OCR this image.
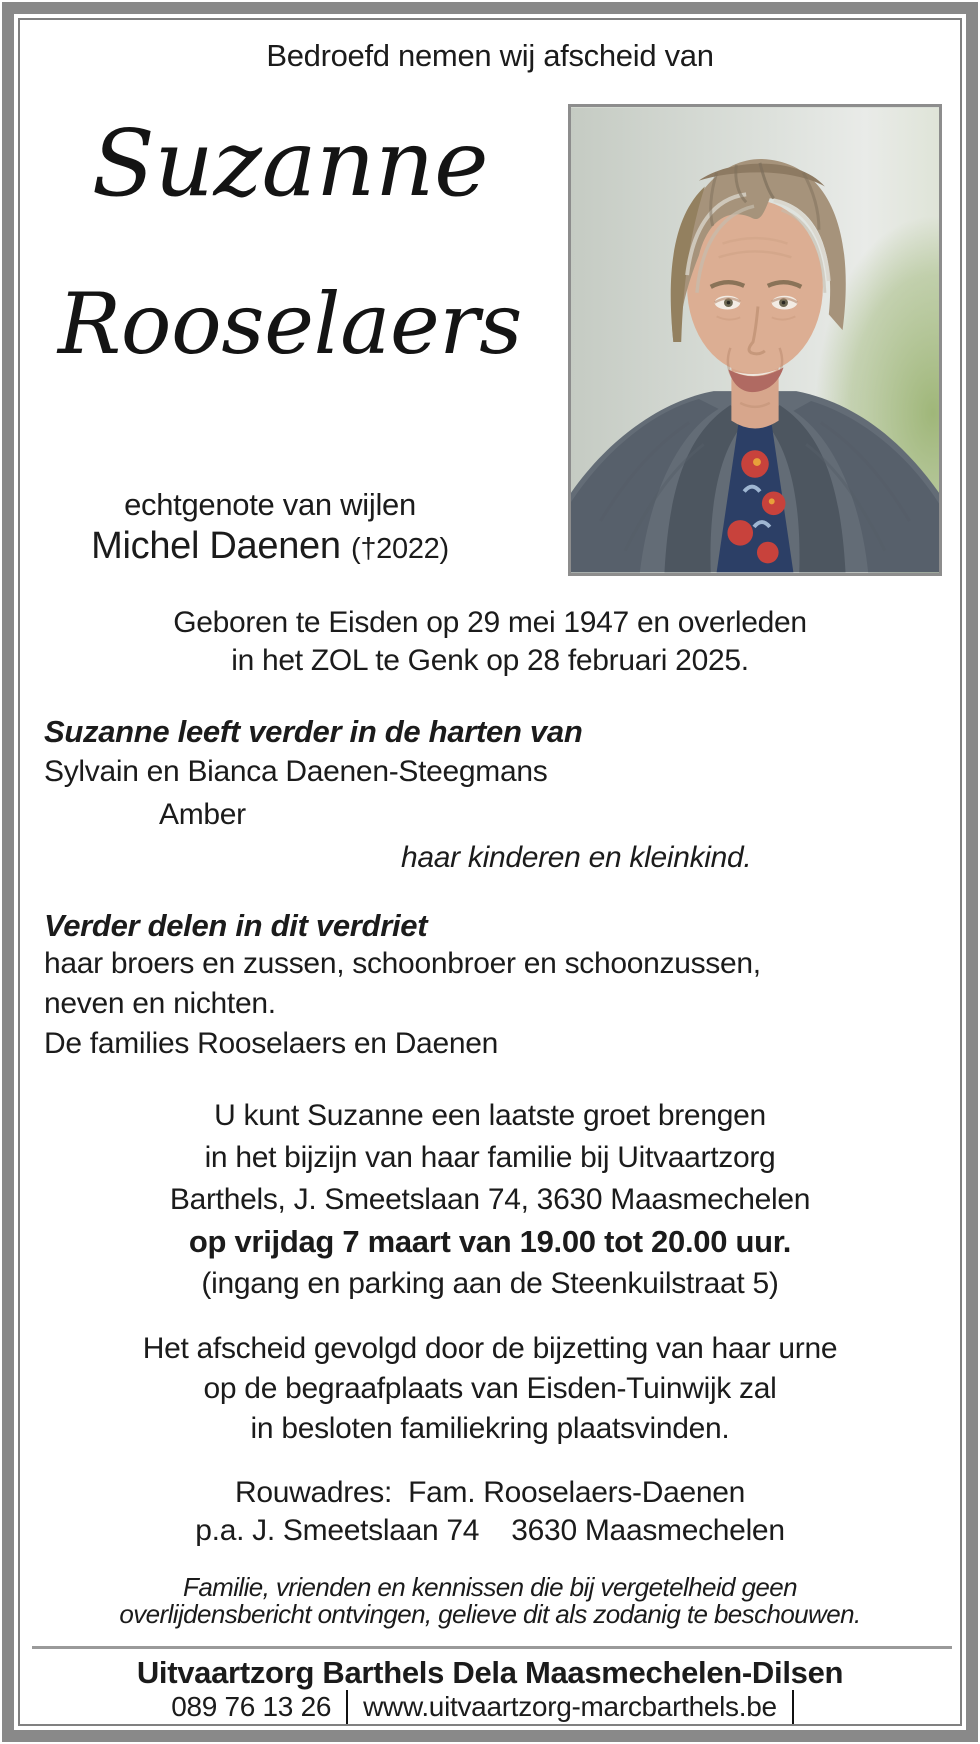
Bedroefd nemen wij afscheid van
Suzanne
Rooselaers

echtgenote van wijlen

Michel Daenen (†2022)

Geboren te Eisden op 29 mei 1947 en overleden

in het ZOL te Genk op 28 februari 2025.

Suzanne leeft verder in de harten van

Sylvain en Bianca Daenen-Steegmans

Amber

haar kinderen en kleinkind.

Verder delen in dit verdriet

haar broers en zussen, schoonbroer en schoonzussen,

neven en nichten.

De families Rooselaers en Daenen

U kunt Suzanne een laatste groet brengen

in het bijzijn van haar familie bij Uitvaartzorg

Barthels, J. Smeetslaan 74, 3630 Maasmechelen

op vrijdag 7 maart van 19.00 tot 20.00 uur.

(ingang en parking aan de Steenkuilstraat 5)

Het afscheid gevolgd door de bijzetting van haar urne

op de begraafplaats van Eisden-Tuinwijk zal

in besloten familiekring plaatsvinden.

Rouwadres:  Fam. Rooselaers-Daenen

p.a. J. Smeetslaan 74    3630 Maasmechelen

Familie, vrienden en kennissen die bij vergetelheid geen

overlijdensbericht ontvingen, gelieve dit als zodanig te beschouwen.

Uitvaartzorg Barthels Dela Maasmechelen-Dilsen
089 76 13 26 www.uitvaartzorg-marcbarthels.be
